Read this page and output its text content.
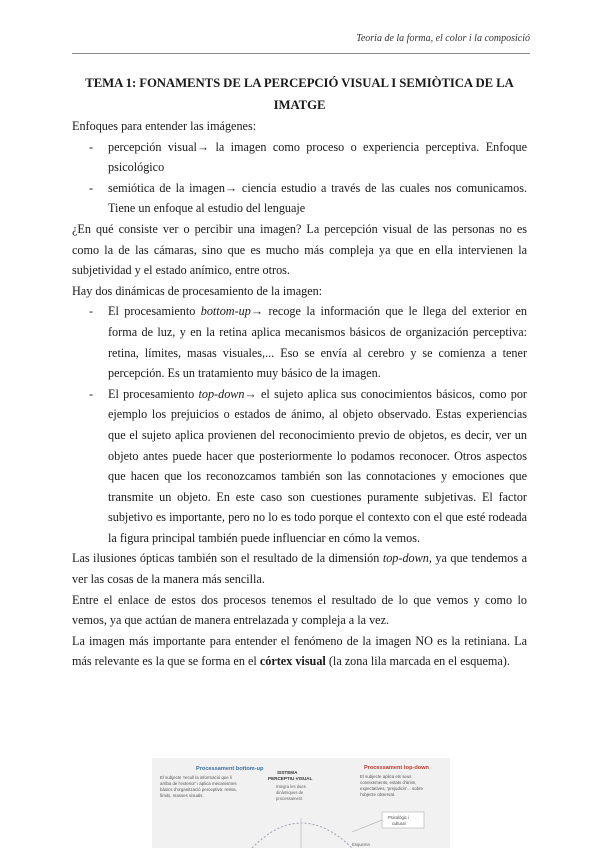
Teoria de la forma, el color i la composició
TEMA 1: FONAMENTS DE LA PERCEPCIÓ VISUAL I SEMIÒTICA DE LA
IMATGE

Enfoques para entender las imágenes:

- percepción visual→ la imagen como proceso o experiencia perceptiva. Enfoque psicológico
- semiótica de la imagen→ ciencia estudio a través de las cuales nos comunicamos. Tiene un enfoque al estudio del lenguaje

¿En qué consiste ver o percibir una imagen? La percepción visual de las personas no es como la de las cámaras, sino que es mucho más compleja ya que en ella intervienen la subjetividad y el estado anímico, entre otros.

Hay dos dinámicas de procesamiento de la imagen:

- El procesamiento bottom-up→ recoge la información que le llega del exterior en forma de luz, y en la retina aplica mecanismos básicos de organización perceptiva: retina, límites, masas visuales,... Eso se envía al cerebro y se comienza a tener percepción. Es un tratamiento muy básico de la imagen.
- El procesamiento top-down→ el sujeto aplica sus conocimientos básicos, como por ejemplo los prejuicios o estados de ánimo, al objeto observado. Estas experiencias que el sujeto aplica provienen del reconocimiento previo de objetos, es decir, ver un objeto antes puede hacer que posteriormente lo podamos reconocer. Otros aspectos que hacen que los reconozcamos también son las connotaciones y emociones que transmite un objeto. En este caso son cuestiones puramente subjetivas. El factor subjetivo es importante, pero no lo es todo porque el contexto con el que esté rodeada la figura principal también puede influenciar en cómo la vemos.

Las ilusiones ópticas también son el resultado de la dimensión top-down, ya que tendemos a ver las cosas de la manera más sencilla.

Entre el enlace de estos dos procesos tenemos el resultado de lo que vemos y como lo vemos, ya que actúan de manera entrelazada y compleja a la vez.

La imagen más importante para entender el fenómeno de la imagen NO es la retiniana. La más relevante es la que se forma en el córtex visual (la zona lila marcada en el esquema).

Processament bottom-up
El subjecte 'recull la informació que li
arriba de l'exterior' i aplica mecanismes
bàsics d'organització perceptiva: retina,
límits, masses visuals.
SISTEMA
PERCEPTIU VISUAL
Integra les dues
dinàmiques de
processament
Processament top-down
El subjecte aplica els seus
coneixements, estats d'ànim,
expectatives, 'prejudicis'... sobre
l'objecte observat.
Psicològic i
cultural
Esquema
